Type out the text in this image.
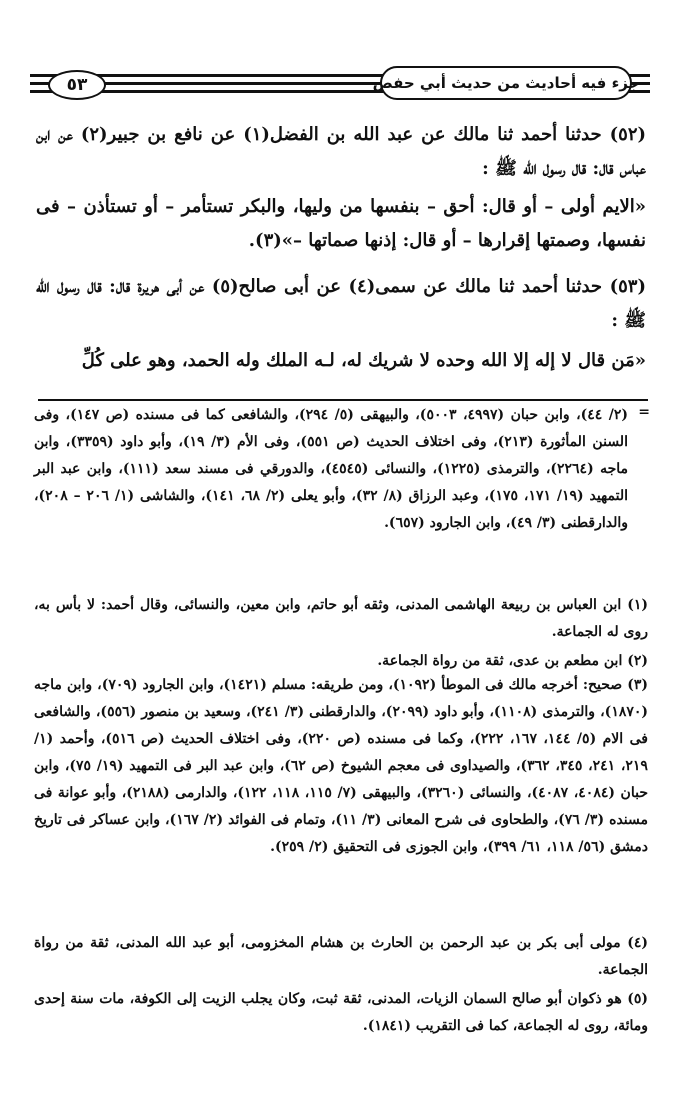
جزء فيه أحاديث من حديث أبي حفص
٥٣

(٥٢) حدثنا أحمد ثنا مالك عن عبد الله بن الفضل(١) عن نافع بن جبير(٢) عن ابن عباس قال: قال رسول الله ﷺ :

«الايم أولى – أو قال: أحق – بنفسها من وليها، والبكر تستأمر – أو تستأذن – فى نفسها، وصمتها إقرارها – أو قال: إذنها صماتها –»(٣).

(٥٣) حدثنا أحمد ثنا مالك عن سمى(٤) عن أبى صالح(٥) عن أبى هريرة قال: قال رسول الله ﷺ :

«مَن قال لا إله إلا الله وحده لا شريك له، لـه الملك وله الحمد، وهو على كُلِّ

=

(٢/ ٤٤)، وابن حبان (٤٩٩٧، ٥٠٠٣)، والبيهقى (٥/ ٢٩٤)، والشافعى كما فى مسنده (ص ١٤٧)، وفى السنن المأثورة (٢١٣)، وفى اختلاف الحديث (ص ٥٥١)، وفى الأم (٣/ ١٩)، وأبو داود (٣٣٥٩)، وابن ماجه (٢٢٦٤)، والترمذى (١٢٢٥)، والنسائى (٤٥٤٥)، والدورقي فى مسند سعد (١١١)، وابن عبد البر التمهيد (١٩/ ١٧١، ١٧٥)، وعبد الرزاق (٨/ ٣٢)، وأبو يعلى (٢/ ٦٨، ١٤١)، والشاشى (١/ ٢٠٦ – ٢٠٨)، والدارقطنى (٣/ ٤٩)، وابن الجارود (٦٥٧).

(١) ابن العباس بن ربيعة الهاشمى المدنى، وثقه أبو حاتم، وابن معين، والنسائى، وقال أحمد: لا بأس به، روى له الجماعة.

(٢) ابن مطعم بن عدى، ثقة من رواة الجماعة.

(٣) صحيح: أخرجه مالك فى الموطأ (١٠٩٢)، ومن طريقه: مسلم (١٤٢١)، وابن الجارود (٧٠٩)، وابن ماجه (١٨٧٠)، والترمذى (١١٠٨)، وأبو داود (٢٠٩٩)، والدارقطنى (٣/ ٢٤١)، وسعيد بن منصور (٥٥٦)، والشافعى فى الام (٥/ ١٤٤، ١٦٧، ٢٢٢)، وكما فى مسنده (ص ٢٢٠)، وفى اختلاف الحديث (ص ٥١٦)، وأحمد (١/ ٢١٩، ٢٤١، ٣٤٥، ٣٦٢)، والصيداوى فى معجم الشيوخ (ص ٦٢)، وابن عبد البر فى التمهيد (١٩/ ٧٥)، وابن حبان (٤٠٨٤، ٤٠٨٧)، والنسائى (٣٢٦٠)، والبيهقى (٧/ ١١٥، ١١٨، ١٢٢)، والدارمى (٢١٨٨)، وأبو عوانة فى مسنده (٣/ ٧٦)، والطحاوى فى شرح المعانى (٣/ ١١)، وتمام فى الفوائد (٢/ ١٦٧)، وابن عساكر فى تاريخ دمشق (٥٦/ ١١٨، ٦١/ ٣٩٩)، وابن الجوزى فى التحقيق (٢/ ٢٥٩).

(٤) مولى أبى بكر بن عبد الرحمن بن الحارث بن هشام المخزومى، أبو عبد الله المدنى، ثقة من رواة الجماعة.

(٥) هو ذكوان أبو صالح السمان الزيات، المدنى، ثقة ثبت، وكان يجلب الزيت إلى الكوفة، مات سنة إحدى ومائة، روى له الجماعة، كما فى التقريب (١٨٤١).
